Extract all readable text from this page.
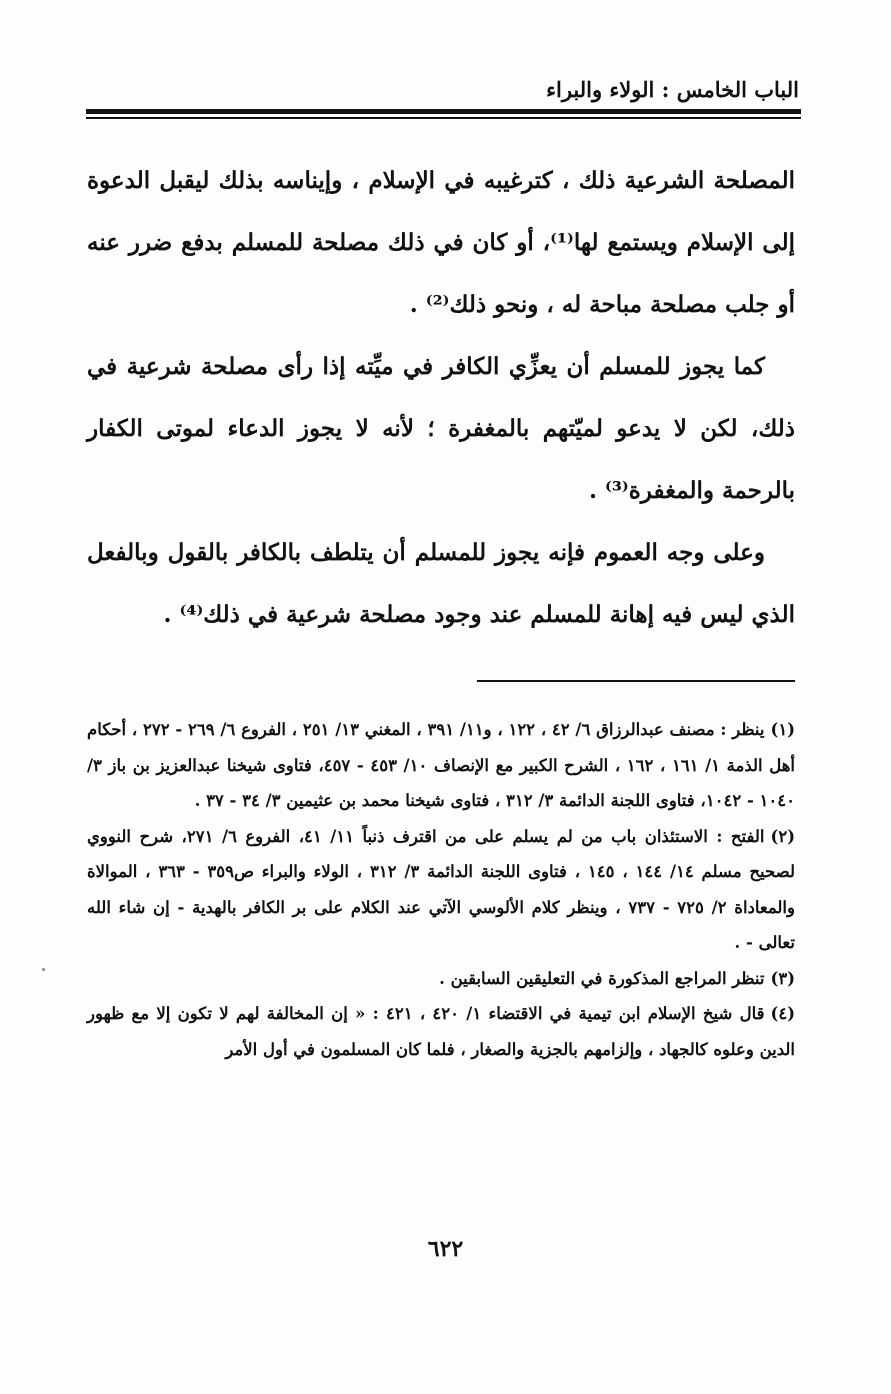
الباب الخامس : الولاء والبراء

المصلحة الشرعية ذلك ، كترغيبه في الإسلام ، وإيناسه بذلك ليقبل الدعوة إلى الإسلام ويستمع لها⁽¹⁾، أو كان في ذلك مصلحة للمسلم بدفع ضرر عنه أو جلب مصلحة مباحة له ، ونحو ذلك⁽²⁾ .

كما يجوز للمسلم أن يعزِّي الكافر في ميِّته إذا رأى مصلحة شرعية في ذلك، لكن لا يدعو لميّتهم بالمغفرة ؛ لأنه لا يجوز الدعاء لموتى الكفار بالرحمة والمغفرة⁽³⁾ .

وعلى وجه العموم فإنه يجوز للمسلم أن يتلطف بالكافر بالقول وبالفعل الذي ليس فيه إهانة للمسلم عند وجود مصلحة شرعية في ذلك⁽⁴⁾ .

(١)ينظر : مصنف عبدالرزاق ٦/ ٤٢ ، ١٢٢ ، و١١/ ٣٩١ ، المغني ١٣/ ٢٥١ ، الفروع ٦/ ٢٦٩ - ٢٧٢ ، أحكام أهل الذمة ١/ ١٦١ ، ١٦٢ ، الشرح الكبير مع الإنصاف ١٠/ ٤٥٣ - ٤٥٧، فتاوى شيخنا عبدالعزيز بن باز ٣/ ١٠٤٠ - ١٠٤٢، فتاوى اللجنة الدائمة ٣/ ٣١٢ ، فتاوى شيخنا محمد بن عثيمين ٣/ ٣٤ - ٣٧ .

(٢)الفتح : الاستئذان باب من لم يسلم على من اقترف ذنباً ١١/ ٤١، الفروع ٦/ ٢٧١، شرح النووي لصحيح مسلم ١٤/ ١٤٤ ، ١٤٥ ، فتاوى اللجنة الدائمة ٣/ ٣١٢ ، الولاء والبراء ص٣٥٩ - ٣٦٣ ، الموالاة والمعاداة ٢/ ٧٢٥ - ٧٣٧ ، وينظر كلام الألوسي الآتي عند الكلام على بر الكافر بالهدية - إن شاء الله تعالى - .

(٣)تنظر المراجع المذكورة في التعليقين السابقين .

(٤)قال شيخ الإسلام ابن تيمية في الاقتضاء ١/ ٤٢٠ ، ٤٢١ : « إن المخالفة لهم لا تكون إلا مع ظهور الدين وعلوه كالجهاد ، وإلزامهم بالجزية والصغار ، فلما كان المسلمون في أول الأمر

٦٢٢
